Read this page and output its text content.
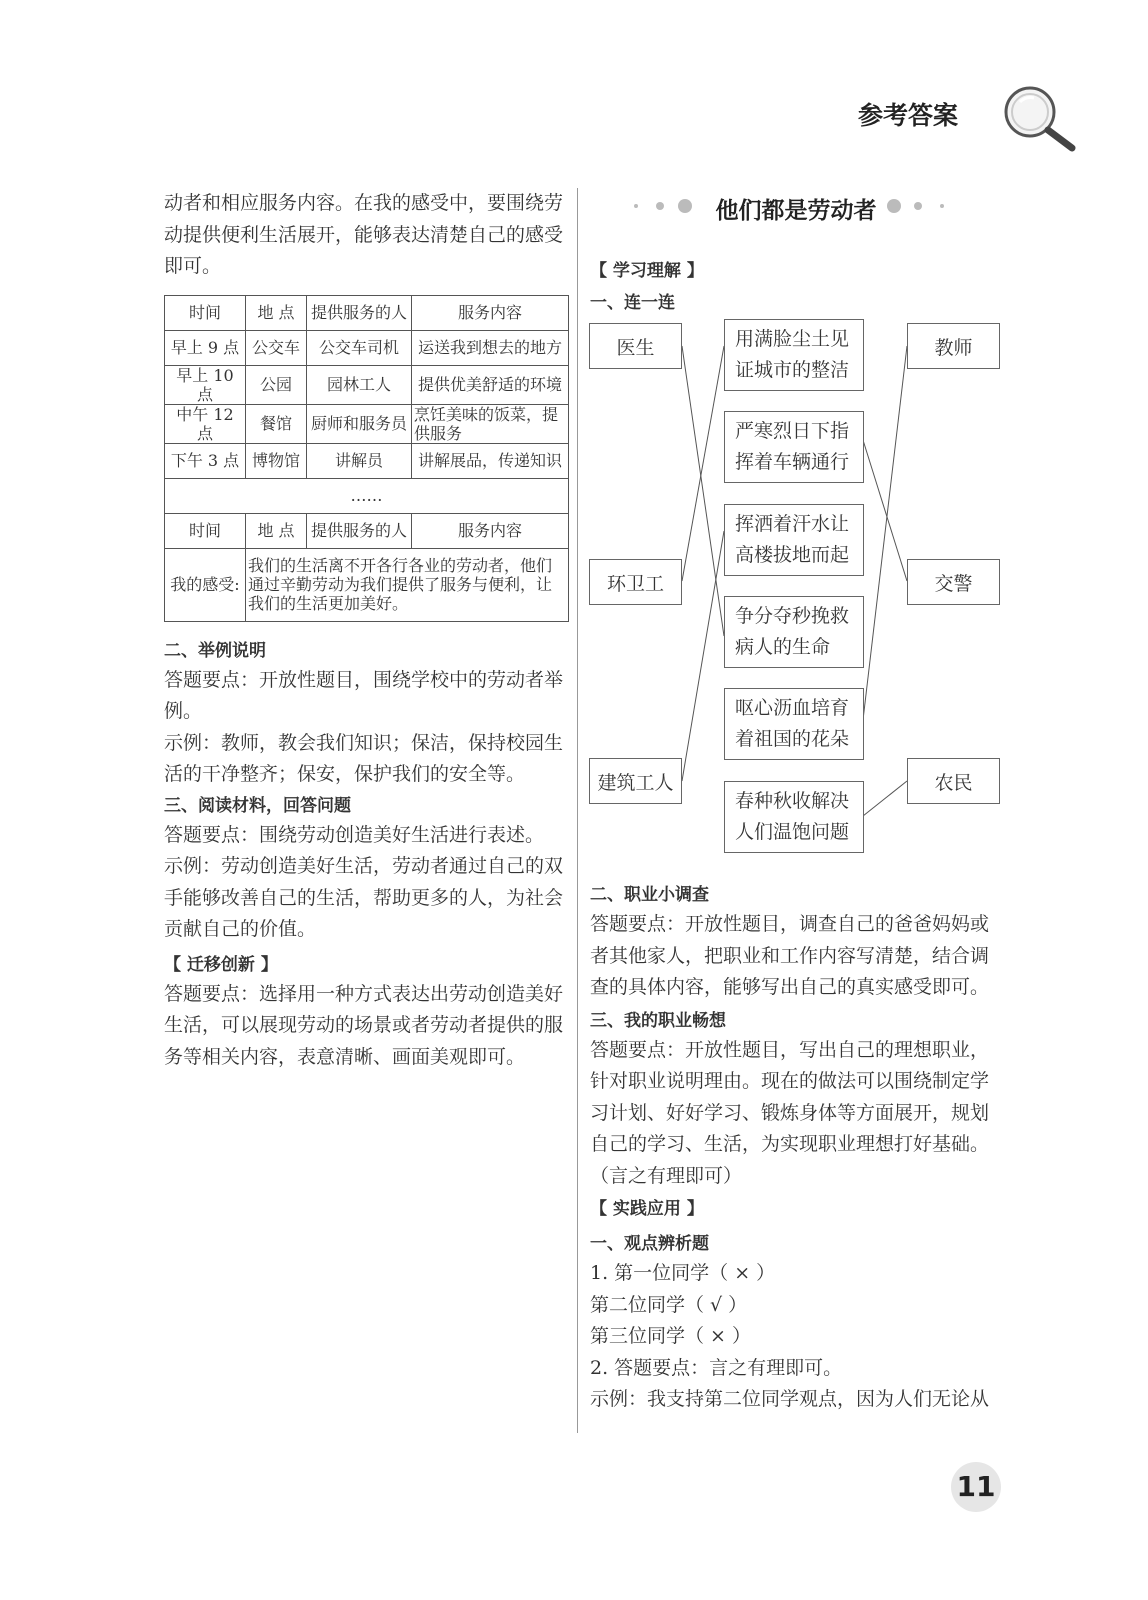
参考答案

动者和相应服务内容。在我的感受中，要围绕劳动提供便利生活展开，能够表达清楚自己的感受即可。

时间	地 点	提供服务的人	服务内容
早上 9 点	公交车	公交车司机	运送我到想去的地方
早上 10 点	公园	园林工人	提供优美舒适的环境
中午 12 点	餐馆	厨师和服务员	烹饪美味的饭菜，提供服务
下午 3 点	博物馆	讲解员	讲解展品，传递知识
……			
时间	地 点	提供服务的人	服务内容
我的感受:	我们的生活离不开各行各业的劳动者，他们通过辛勤劳动为我们提供了服务与便利，让我们的生活更加美好。		

二、举例说明

答题要点：开放性题目，围绕学校中的劳动者举例。

示例：教师，教会我们知识；保洁，保持校园生活的干净整齐；保安，保护我们的安全等。

三、阅读材料，回答问题

答题要点：围绕劳动创造美好生活进行表述。

示例：劳动创造美好生活，劳动者通过自己的双手能够改善自己的生活，帮助更多的人，为社会贡献自己的价值。

【 迁移创新 】

答题要点：选择用一种方式表达出劳动创造美好生活，可以展现劳动的场景或者劳动者提供的服务等相关内容，表意清晰、画面美观即可。

他们都是劳动者

【 学习理解 】

一、连一连

医生
环卫工
建筑工人
用满脸尘土见证城市的整洁
严寒烈日下指挥着车辆通行
挥洒着汗水让高楼拔地而起
争分夺秒挽救病人的生命
呕心沥血培育着祖国的花朵
春种秋收解决人们温饱问题
教师
交警
农民

二、职业小调查

答题要点：开放性题目，调查自己的爸爸妈妈或者其他家人，把职业和工作内容写清楚，结合调查的具体内容，能够写出自己的真实感受即可。

三、我的职业畅想

答题要点：开放性题目，写出自己的理想职业，针对职业说明理由。现在的做法可以围绕制定学习计划、好好学习、锻炼身体等方面展开，规划自己的学习、生活，为实现职业理想打好基础。（言之有理即可）

【 实践应用 】

一、观点辨析题

1. 第一位同学（ × ）

第二位同学（ √ ）

第三位同学（ × ）

2. 答题要点：言之有理即可。

示例：我支持第二位同学观点，因为人们无论从

11
